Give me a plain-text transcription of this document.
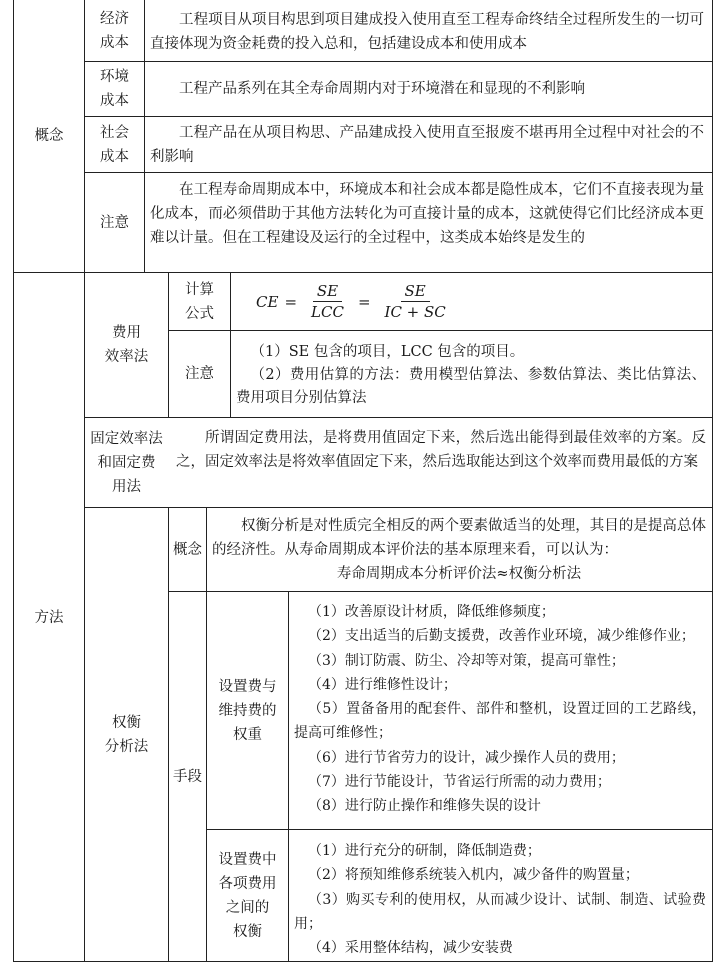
概念
经济
成本

工程项目从项目构思到项目建成投入使用直至工程寿命终结全过程所发生的一切可直接体现为资金耗费的投入总和，包括建设成本和使用成本

环境
成本

工程产品系列在其全寿命周期内对于环境潜在和显现的不利影响

社会
成本

工程产品在从项目构思、产品建成投入使用直至报废不堪再用全过程中对社会的不利影响

注意

在工程寿命周期成本中，环境成本和社会成本都是隐性成本，它们不直接表现为量化成本，而必须借助于其他方法转化为可直接计量的成本，这就使得它们比经济成本更难以计量。但在工程建设及运行的全过程中，这类成本始终是发生的

方法
费用
效率法
计算
公式
CE = $\frac{SE}{\text{LCC}} = \frac{SE}{IC + SC}$
注意
（1）SE 包含的项目，LCC 包含的项目。
（2）费用估算的方法：费用模型估算法、参数估算法、类比估算法、费用项目分别估算法
固定效率法
和固定费
用法

所谓固定费用法，是将费用值固定下来，然后选出能得到最佳效率的方案。反之，固定效率法是将效率值固定下来，然后选取能达到这个效率而费用最低的方案

权衡
分析法
概念

权衡分析是对性质完全相反的两个要素做适当的处理，其目的是提高总体的经济性。从寿命周期成本评价法的基本原理来看，可以认为：

寿命周期成本分析评价法≈权衡分析法

手段
设置费与
维持费的
权重
（1）改善原设计材质，降低维修频度；
（2）支出适当的后勤支援费，改善作业环境，减少维修作业；
（3）制订防震、防尘、冷却等对策，提高可靠性；
（4）进行维修性设计；
（5）置备备用的配套件、部件和整机，设置迂回的工艺路线，提高可维修性；
（6）进行节省劳力的设计，减少操作人员的费用；
（7）进行节能设计，节省运行所需的动力费用；
（8）进行防止操作和维修失误的设计
设置费中
各项费用
之间的
权衡
（1）进行充分的研制，降低制造费；
（2）将预知维修系统装入机内，减少备件的购置量；
（3）购买专利的使用权，从而减少设计、试制、制造、试验费用；
（4）采用整体结构，减少安装费
